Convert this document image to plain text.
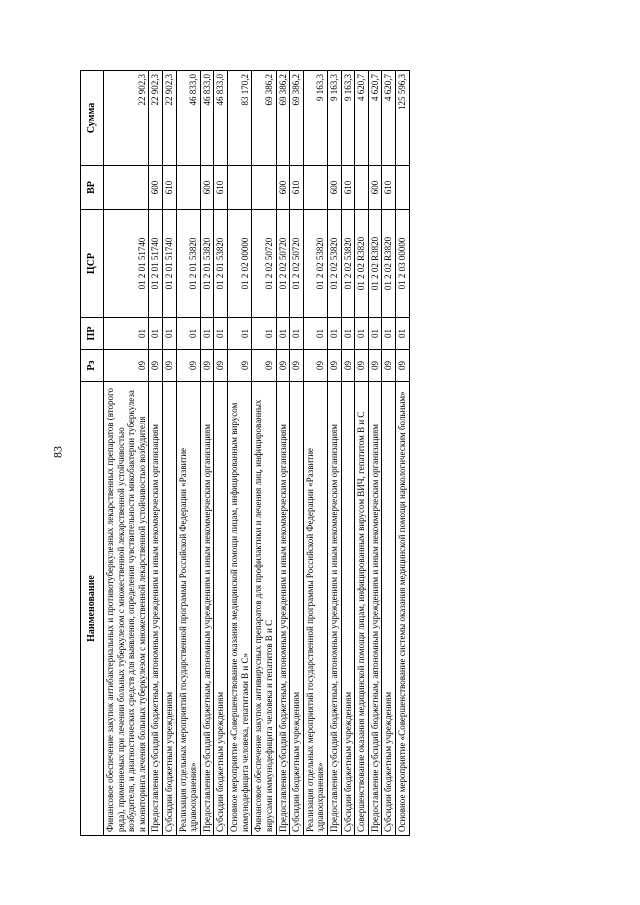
83
Наименование	Рз	ПР	ЦСР	ВР	Сумма
Финансовое обеспечение закупок антибактериальных и противотуберкулезных лекарственных препаратов (второго ряда), применяемых при лечении больных туберкулезом с множественной лекарственной устойчивостью возбудителя, и диагностических средств для выявления, определения чувствительности микобактерии туберкулеза и мониторинга лечения больных туберкулезом с множественной лекарственной устойчивостью возбудителя	09	01	01 2 01 51740		22 902,3
Предоставление субсидий бюджетным, автономным учреждениям и иным некоммерческим организациям	09	01	01 2 01 51740	600	22 902,3
Субсидии бюджетным учреждениям	09	01	01 2 01 51740	610	22 902,3
Реализация отдельных мероприятий государственной программы Российской Федерации «Развитие здравоохранения»	09	01	01 2 01 53820		46 833,0
Предоставление субсидий бюджетным, автономным учреждениям и иным некоммерческим организациям	09	01	01 2 01 53820	600	46 833,0
Субсидии бюджетным учреждениям	09	01	01 2 01 53820	610	46 833,0
Основное мероприятие «Совершенствование оказания медицинской помощи лицам, инфицированным вирусом иммунодефицита человека, гепатитами B и C»	09	01	01 2 02 00000		83 170,2
Финансовое обеспечение закупок антивирусных препаратов для профилактики и лечения лиц, инфицированных вирусами иммунодефицита человека и гепатитов B и C	09	01	01 2 02 50720		69 386,2
Предоставление субсидий бюджетным, автономным учреждениям и иным некоммерческим организациям	09	01	01 2 02 50720	600	69 386,2
Субсидии бюджетным учреждениям	09	01	01 2 02 50720	610	69 386,2
Реализация отдельных мероприятий государственной программы Российской Федерации «Развитие здравоохранения»	09	01	01 2 02 53820		9 163,3
Предоставление субсидий бюджетным, автономным учреждениям и иным некоммерческим организациям	09	01	01 2 02 53820	600	9 163,3
Субсидии бюджетным учреждениям	09	01	01 2 02 53820	610	9 163,3
Совершенствование оказания медицинской помощи лицам, инфицированным вирусом ВИЧ, гепатитом В и С	09	01	01 2 02 R3820		4 620,7
Предоставление субсидий бюджетным, автономным учреждениям и иным некоммерческим организациям	09	01	01 2 02 R3820	600	4 620,7
Субсидии бюджетным учреждениям	09	01	01 2 02 R3820	610	4 620,7
Основное мероприятие «Совершенствование системы оказания медицинской помощи наркологическим больным»	09	01	01 2 03 00000		125 596,3
